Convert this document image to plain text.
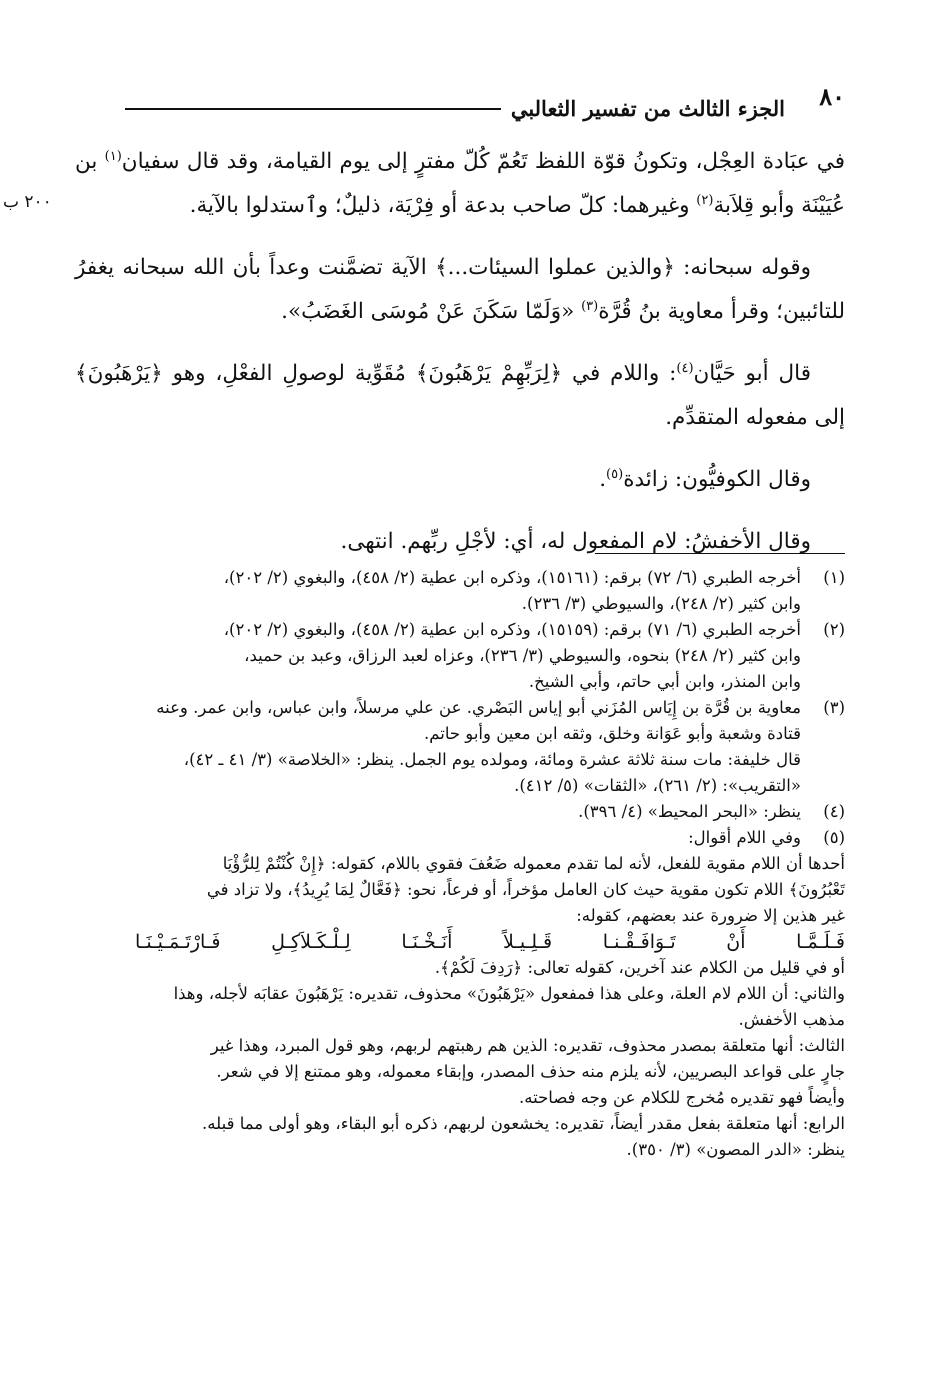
٨٠
الجزء الثالث من تفسير الثعالبي
٢٠٠ ب

في عبَادة العِجْل، وتكونُ قوّة اللفظ تَعُمّ كُلّ مفترٍ إلى يوم القيامة، وقد قال سفيان$^{(١)}$ بن عُيَيْنَة وأبو قِلاَبة$^{(٢)}$ وغيرهما: كلّ صاحب بدعة أو فِرْيَة، ذليلٌ؛ وٱستدلوا بالآية.

وقوله سبحانه: ﴿والذين عملوا السيئات...﴾ الآية تضمَّنت وعداً بأن الله سبحانه يغفرُ للتائبين؛ وقرأ معاوية بنُ قُرَّة$^{(٣)}$ «وَلَمّا سَكَنَ عَنْ مُوسَى الغَضَبُ».

قال أبو حَيَّان$^{(٤)}$: واللام في ﴿لِرَبِّهِمْ يَرْهَبُونَ﴾ مُقَوِّية لوصولِ الفعْلِ، وهو ﴿يَرْهَبُونَ﴾ إلى مفعوله المتقدِّم.

وقال الكوفيُّون: زائدة$^{(٥)}$.

وقال الأخفشُ: لام المفعول له، أي: لأجْلِ ربِّهم. انتهى.

(١)

أخرجه الطبري (٦/ ٧٢) برقم: (١٥١٦١)، وذكره ابن عطية (٢/ ٤٥٨)، والبغوي (٢/ ٢٠٢)،

وابن كثير (٢/ ٢٤٨)، والسيوطي (٣/ ٢٣٦).

(٢)

أخرجه الطبري (٦/ ٧١) برقم: (١٥١٥٩)، وذكره ابن عطية (٢/ ٤٥٨)، والبغوي (٢/ ٢٠٢)،

وابن كثير (٢/ ٢٤٨) بنحوه، والسيوطي (٣/ ٢٣٦)، وعزاه لعبد الرزاق، وعبد بن حميد،

وابن المنذر، وابن أبي حاتم، وأبي الشيخ.

(٣)

معاوية بن قُرَّة بن إِيَاس المُزَني أبو إياس البَصْري. عن علي مرسلاً، وابن عباس، وابن عمر. وعنه

قتادة وشعبة وأبو عَوَانة وخلق، وثقه ابن معين وأبو حاتم.

قال خليفة: مات سنة ثلاثة عشرة ومائة، ومولده يوم الجمل. ينظر: «الخلاصة» (٣/ ٤١ ـ ٤٢)،

«التقريب»: (٢/ ٢٦١)، «الثقات» (٥/ ٤١٢).

(٤)

ينظر: «البحر المحيط» (٤/ ٣٩٦).

(٥)

وفي اللام أقوال:

أحدها أن اللام مقوية للفعل، لأنه لما تقدم معموله ضَعُفَ فقوي باللام، كقوله: ﴿إِنْ كُنْتُمْ لِلرُّؤْيَا

تَعْبُرُونَ﴾ اللام تكون مقوية حيث كان العامل مؤخراً، أو فرعاً، نحو: ﴿فَعَّالٌ لِمَا يُرِيدُ﴾، ولا تزاد في

غير هذين إلا ضرورة عند بعضهم، كقوله:

فَـلَـمَّـا
أَنْ
تَـوَافَـقْـنـا
قَـلِـيـلاً
أَنَـخْـنَـا
لِـلْـكَـلاَكِـلِ
فَـارْتَـمَـيْـنَـا

أو في قليل من الكلام عند آخرين، كقوله تعالى: ﴿رَدِفَ لَكُمْ﴾.

والثاني: أن اللام لام العلة، وعلى هذا فمفعول «يَرْهَبُونَ» محذوف، تقديره: يَرْهَبُونَ عقابَه لأجله، وهذا

مذهب الأخفش.

الثالث: أنها متعلقة بمصدر محذوف، تقديره: الذين هم رهبتهم لربهم، وهو قول المبرد، وهذا غير

جارٍ على قواعد البصريين، لأنه يلزم منه حذف المصدر، وإبقاء معموله، وهو ممتنع إلا في شعر.

وأيضاً فهو تقديره مُخرج للكلام عن وجه فصاحته.

الرابع: أنها متعلقة بفعل مقدر أيضاً، تقديره: يخشعون لربهم، ذكره أبو البقاء، وهو أولى مما قبله.

ينظر: «الدر المصون» (٣/ ٣٥٠).
